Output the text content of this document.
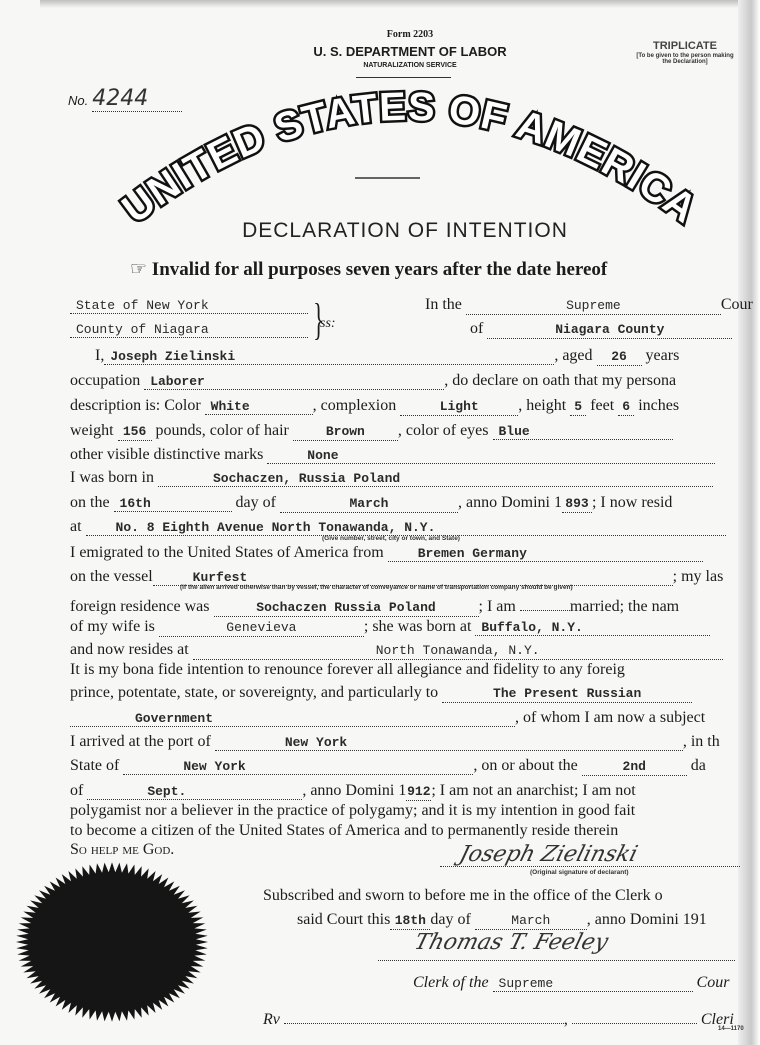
Form 2203
U. S. DEPARTMENT OF LABOR
NATURALIZATION SERVICE
TRIPLICATE
[To be given to the person making
the Declaration]
No. 4244
UNITED STATES OF AMERICA
DECLARATION OF INTENTION
☞ Invalid for all purposes seven years after the date hereof
State of New York
County of Niagara	}
ss:
In the	Supreme	Cour
of	Niagara County
I, Joseph Zielinski	, aged 26 years
occupation Laborer	, do declare on oath that my persona
description is: Color White	, complexion	Light , height 5 feet 6 inches
weight 156 pounds, color of hair	Brown , color of eyes Blue
other visible distinctive marks	None
I was born in	Sochaczen, Russia Poland
on the 16th	day of	March	, anno Domini 1 893 ; I now resid
at	No. 8 Eighth Avenue North Tonawanda, N.Y.
(Give number, street, city or town, and State)
I emigrated to the United States of America from	Bremen Germany
on the vessel	Kurfest	; my las
(If the alien arrived otherwise than by vessel, the character of conveyance or name of transportation company should be given)
foreign residence was	Sochaczen Russia Poland	; I am	married; the nam
of my wife is	Genevieva	; she was born at Buffalo, N.Y.
and now resides at	North Tonawanda, N.Y.
It is my bona fide intention to renounce forever all allegiance and fidelity to any foreig
prince, potentate, state, or sovereignty, and particularly to	The Present Russian
Government	, of whom I am now a subject
I arrived at the port of	New York	, in th
State of	New York	, on or about the	2nd	da
of	Sept.	, anno Domini 1912; I am not an anarchist; I am not
polygamist nor a believer in the practice of polygamy; and it is my intention in good fait
to become a citizen of the United States of America and to permanently reside therein
So help me God.	Joseph Zielinski
(Original signature of declarant)
Subscribed and sworn to before me in the office of the Clerk o
said Court this 18th day of	March , anno Domini 191
Thomas T. Feeley
Clerk of the Supreme	Cour
Rv	,	Cleri
14—1170
